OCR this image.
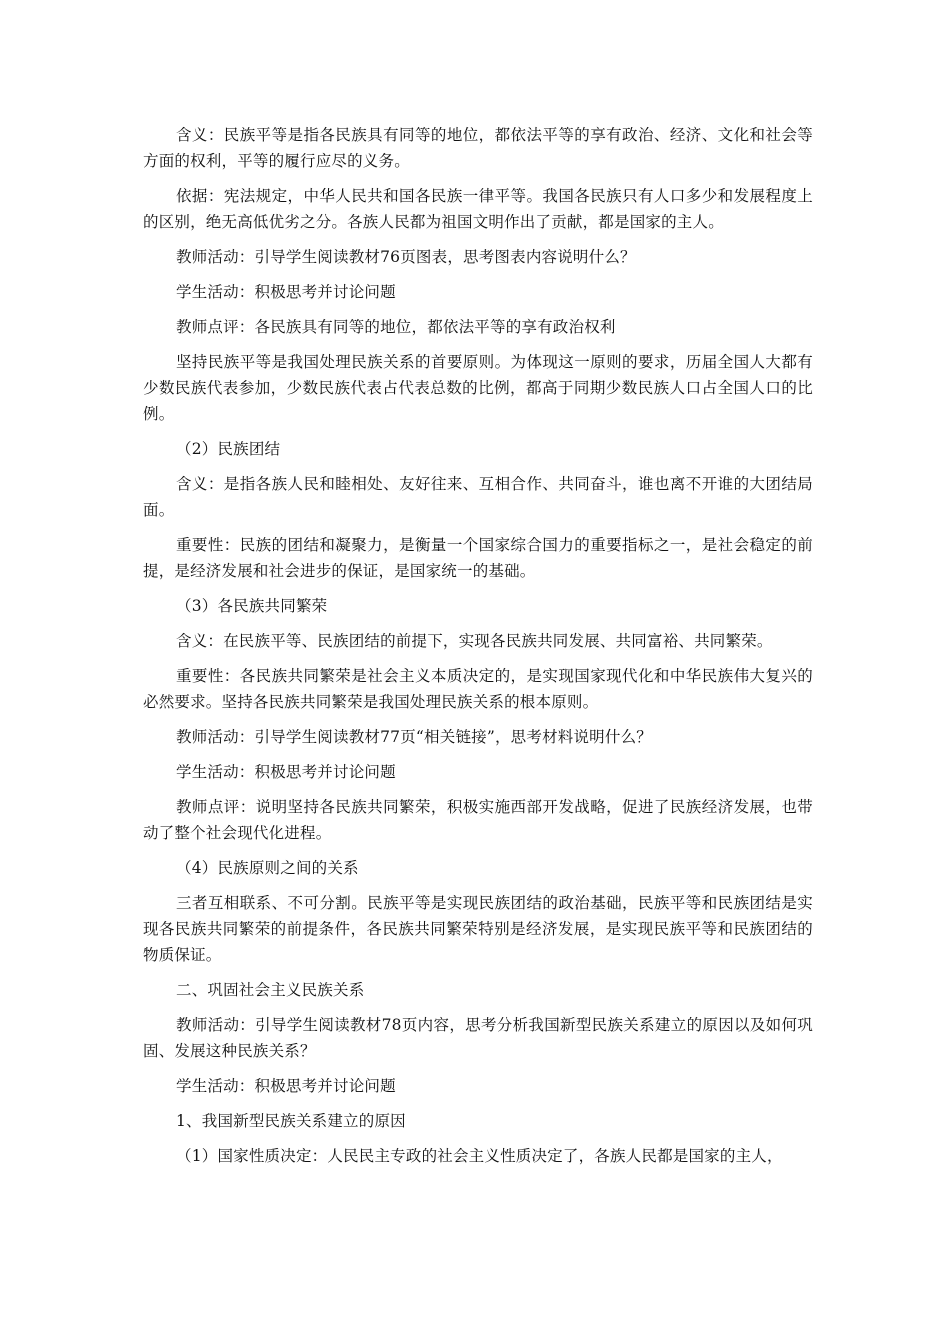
含义：民族平等是指各民族具有同等的地位，都依法平等的享有政治、经济、文化和社会等方面的权利，平等的履行应尽的义务。

依据：宪法规定，中华人民共和国各民族一律平等。我国各民族只有人口多少和发展程度上的区别，绝无高低优劣之分。各族人民都为祖国文明作出了贡献，都是国家的主人。

教师活动：引导学生阅读教材76页图表，思考图表内容说明什么？

学生活动：积极思考并讨论问题

教师点评：各民族具有同等的地位，都依法平等的享有政治权利

坚持民族平等是我国处理民族关系的首要原则。为体现这一原则的要求，历届全国人大都有少数民族代表参加，少数民族代表占代表总数的比例，都高于同期少数民族人口占全国人口的比例。

（2）民族团结

含义：是指各族人民和睦相处、友好往来、互相合作、共同奋斗，谁也离不开谁的大团结局面。

重要性：民族的团结和凝聚力，是衡量一个国家综合国力的重要指标之一，是社会稳定的前提，是经济发展和社会进步的保证，是国家统一的基础。

（3）各民族共同繁荣

含义：在民族平等、民族团结的前提下，实现各民族共同发展、共同富裕、共同繁荣。

重要性：各民族共同繁荣是社会主义本质决定的，是实现国家现代化和中华民族伟大复兴的必然要求。坚持各民族共同繁荣是我国处理民族关系的根本原则。

教师活动：引导学生阅读教材77页“相关链接”，思考材料说明什么？

学生活动：积极思考并讨论问题

教师点评：说明坚持各民族共同繁荣，积极实施西部开发战略，促进了民族经济发展，也带动了整个社会现代化进程。

（4）民族原则之间的关系

三者互相联系、不可分割。民族平等是实现民族团结的政治基础，民族平等和民族团结是实现各民族共同繁荣的前提条件，各民族共同繁荣特别是经济发展，是实现民族平等和民族团结的物质保证。

二、巩固社会主义民族关系

教师活动：引导学生阅读教材78页内容，思考分析我国新型民族关系建立的原因以及如何巩固、发展这种民族关系？

学生活动：积极思考并讨论问题

1、我国新型民族关系建立的原因

（1）国家性质决定：人民民主专政的社会主义性质决定了，各族人民都是国家的主人，
